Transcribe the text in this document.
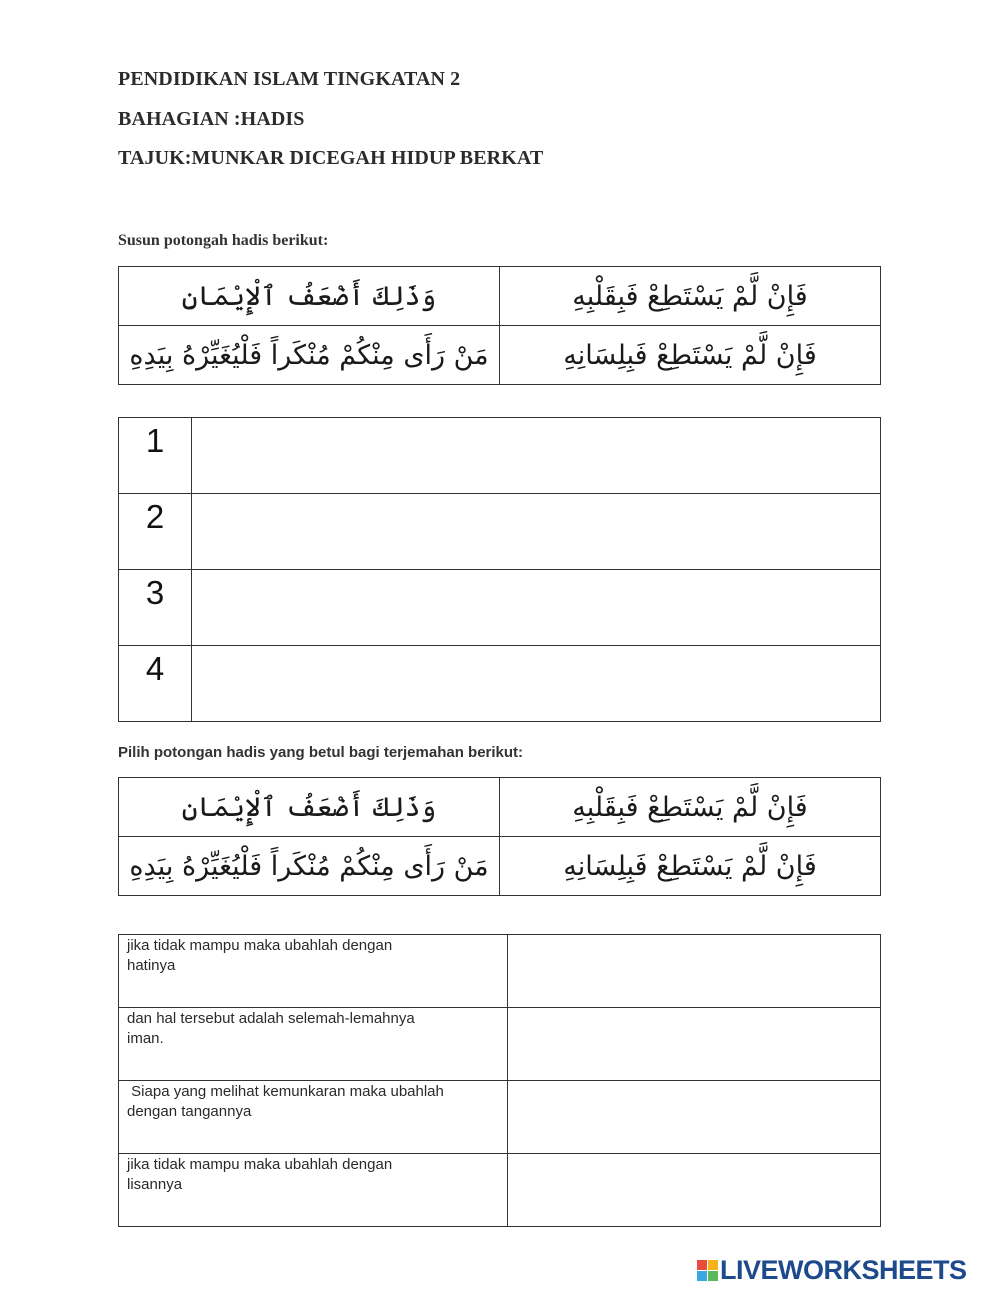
PENDIDIKAN ISLAM TINGKATAN 2
BAHAGIAN :HADIS
TAJUK:MUNKAR DICEGAH HIDUP BERKAT

Susun potongah hadis berikut:

وَذَلِكَ أَضْعَفُ ٱلْإِيْمَانِ	فَإِنْ لَّمْ يَسْتَطِعْ فَبِقَلْبِهِ
مَنْ رَأَى مِنْكُمْ مُنْكَراً فَلْيُغَيِّرْهُ بِيَدِهِ	فَإِنْ لَّمْ يَسْتَطِعْ فَبِلِسَانِهِ
1	

2	

3	

4	

Pilih potongan hadis yang betul bagi terjemahan berikut:

وَذَلِكَ أَضْعَفُ ٱلْإِيْمَانِ	فَإِنْ لَّمْ يَسْتَطِعْ فَبِقَلْبِهِ
مَنْ رَأَى مِنْكُمْ مُنْكَراً فَلْيُغَيِّرْهُ بِيَدِهِ	فَإِنْ لَّمْ يَسْتَطِعْ فَبِلِسَانِهِ
jika tidak mampu maka ubahlah dengan
hatinya	

dan hal tersebut adalah selemah-lemahnya
iman.	

Siapa yang melihat kemunkaran maka ubahlah
dengan tangannya	

jika tidak mampu maka ubahlah dengan
lisannya	
LIVEWORKSHEETS
